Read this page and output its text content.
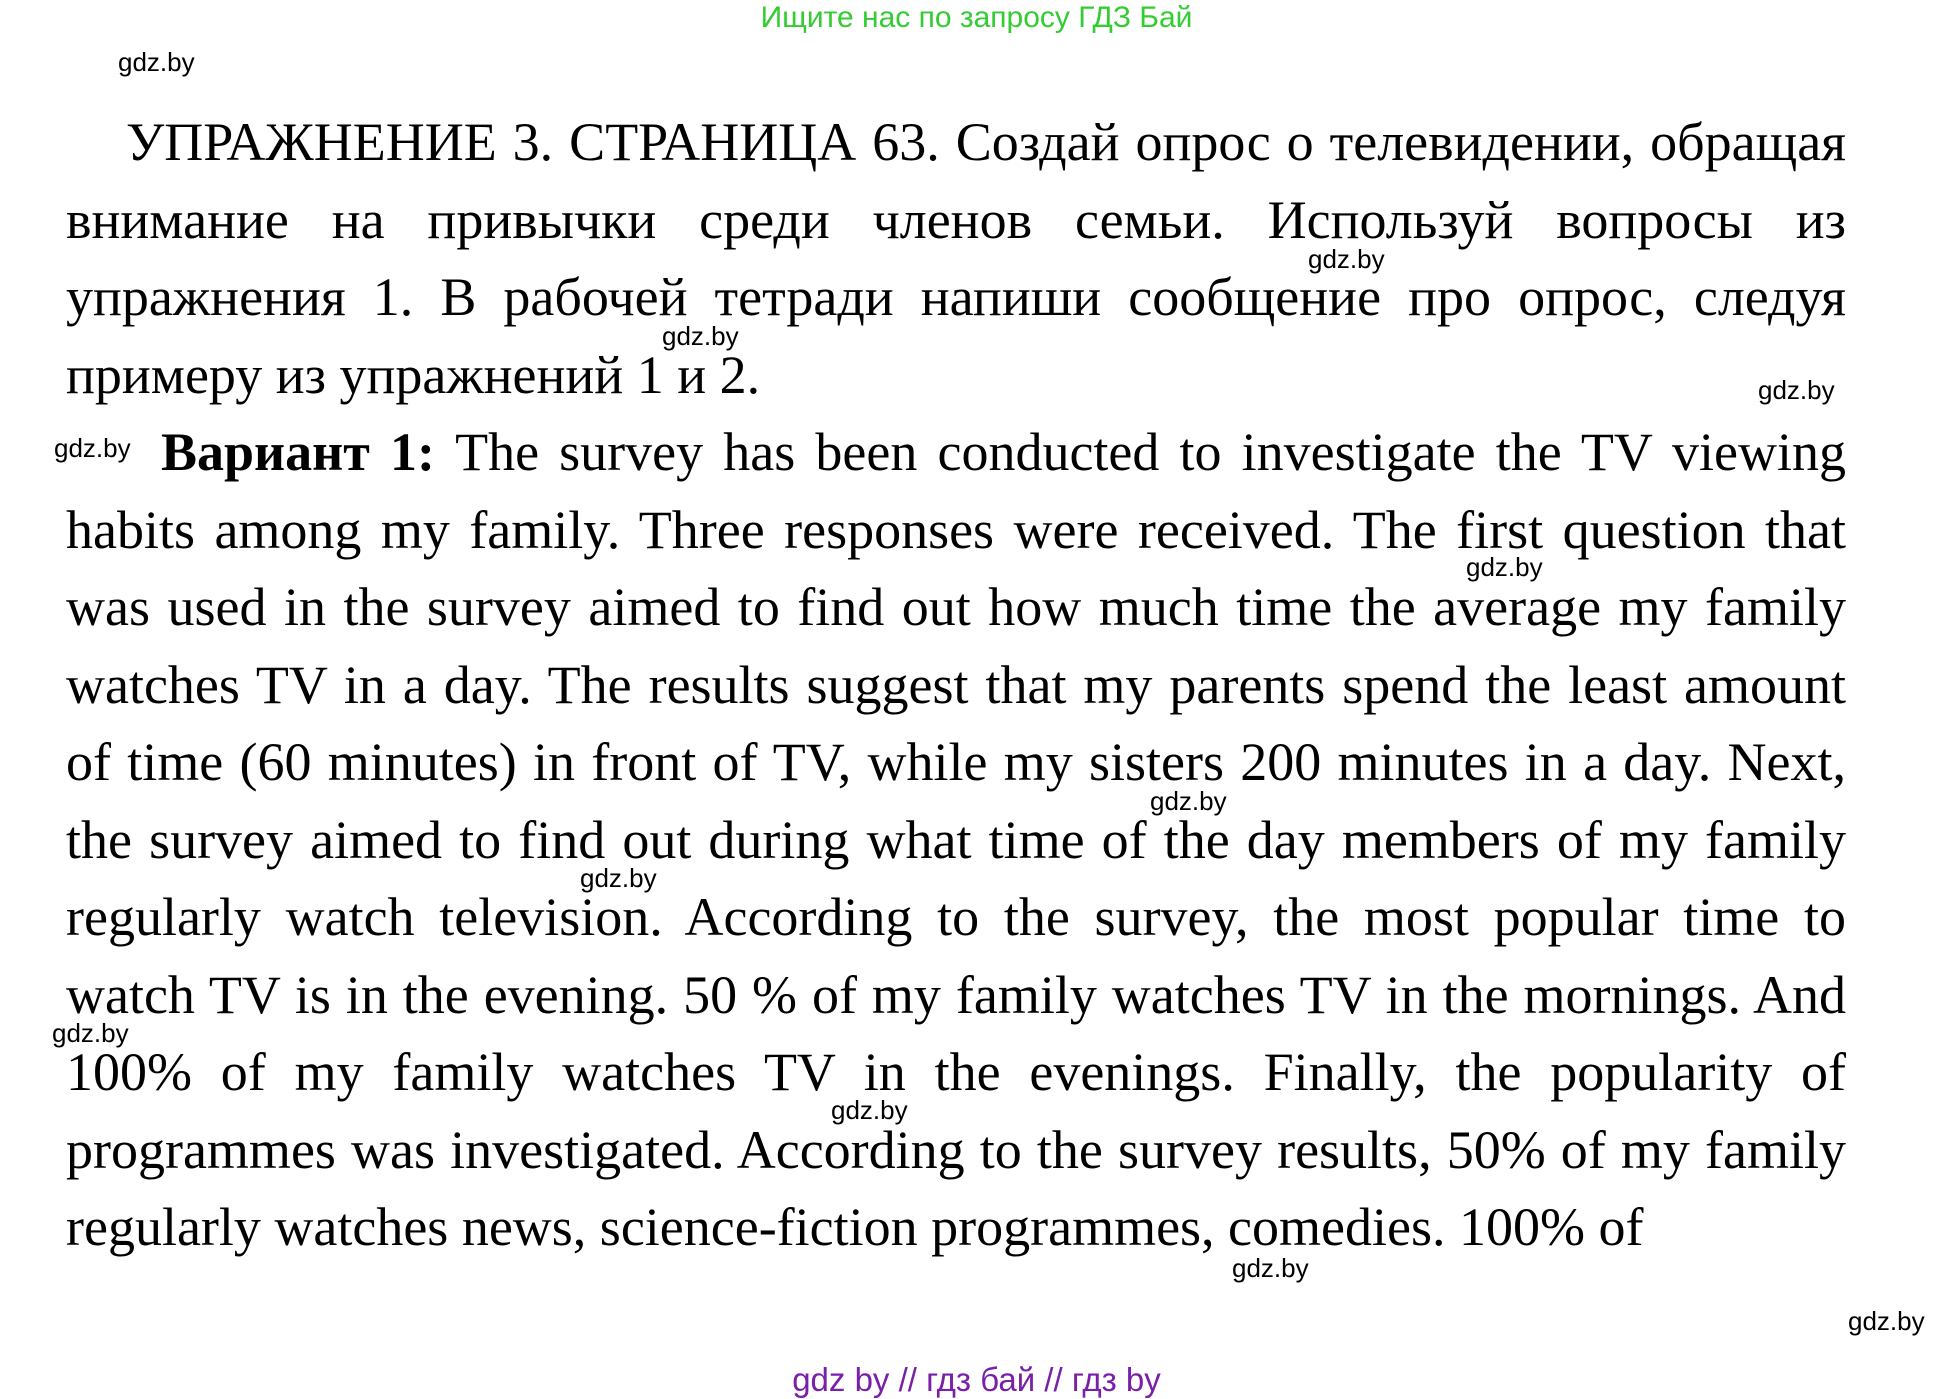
Ищите нас по запросу ГДЗ Бай

УПРАЖНЕНИЕ 3. СТРАНИЦА 63. Создай опрос о телевидении, обращая внимание на привычки среди членов семьи. Используй вопросы из упражнения 1. В рабочей тетради напиши сообщение про опрос, следуя примеру из упражнений 1 и 2.

Вариант 1: The survey has been conducted to investigate the TV viewing habits among my family. Three responses were received. The first question that was used in the survey aimed to find out how much time the average my family watches TV in a day. The results suggest that my parents spend the least amount of time (60 minutes) in front of TV, while my sisters 200 minutes in a day. Next, the survey aimed to find out during what time of the day members of my family regularly watch television. According to the survey, the most popular time to watch TV is in the evening. 50 % of my family watches TV in the mornings. And 100% of my family watches TV in the evenings. Finally, the popularity of programmes was investigated. According to the survey results, 50% of my family regularly watches news, science-fiction programmes, comedies. 100% of

gdz.by
gdz.by
gdz.by
gdz.by
gdz.by
gdz.by
gdz.by
gdz.by
gdz.by
gdz.by
gdz.by
gdz.by
gdz by // гдз бай // гдз by
